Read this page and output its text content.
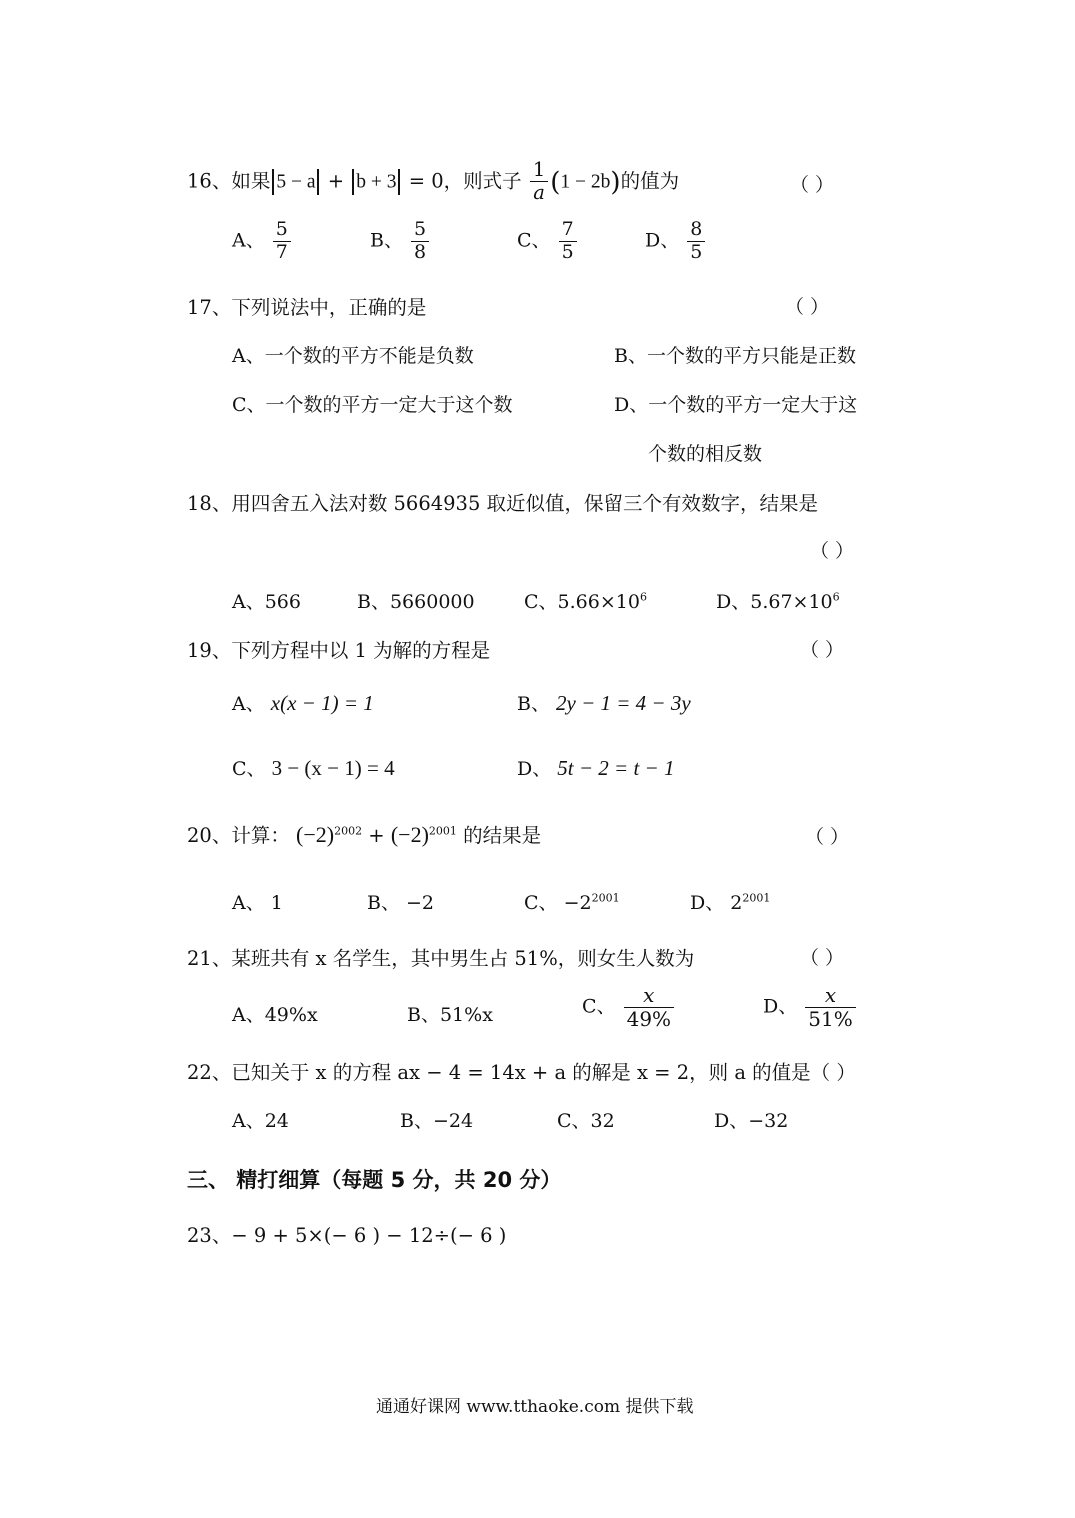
16、如果 5 − a + b + 3 = 0，则式子 $\frac{1}{a} (1 - 2b)$的值为	（ ）
A、 $\frac{5}{7}$	B、 $\frac{5}{8}$	C、 $\frac{7}{5}$	D、 $\frac{8}{5}$
17、下列说法中，正确的是	（ ）
A、一个数的平方不能是负数	B、一个数的平方只能是正数
C、一个数的平方一定大于这个数	D、一个数的平方一定大于这
个数的相反数
18、用四舍五入法对数 5664935 取近似值，保留三个有效数字，结果是
（ ）
A、566	B、5660000	C、$5.66\times 10^6$	D、$5.67\times 10^6$
19、下列方程中以 1 为解的方程是	（ ）
A、 x(x − 1) = 1	B、 2y − 1 = 4 − 3y
C、 3 − (x − 1) = 4	D、 5t − 2 = t − 1
20、计算： $(-2)^{2002} + (-2)^{2001}$ 的结果是	（ ）
A、 1	B、 −2	C、 $-2^{2001}$	D、 $2^{2001}$
21、某班共有 x 名学生，其中男生占 51%，则女生人数为	（ ）
A、49%x	B、51%x	C、 $\frac{x}{49\%}$	D、 $\frac{x}{51\%}$
22、已知关于 x 的方程 ax − 4 = 14x + a 的解是 x = 2，则 a 的值是（ ）
A、24	B、−24	C、32	D、−32
三、 精打细算（每题 5 分，共 20 分）
23、− 9 + 5×(− 6 ) − 12÷(− 6 )
通通好课网 www.tthaoke.com 提供下载
